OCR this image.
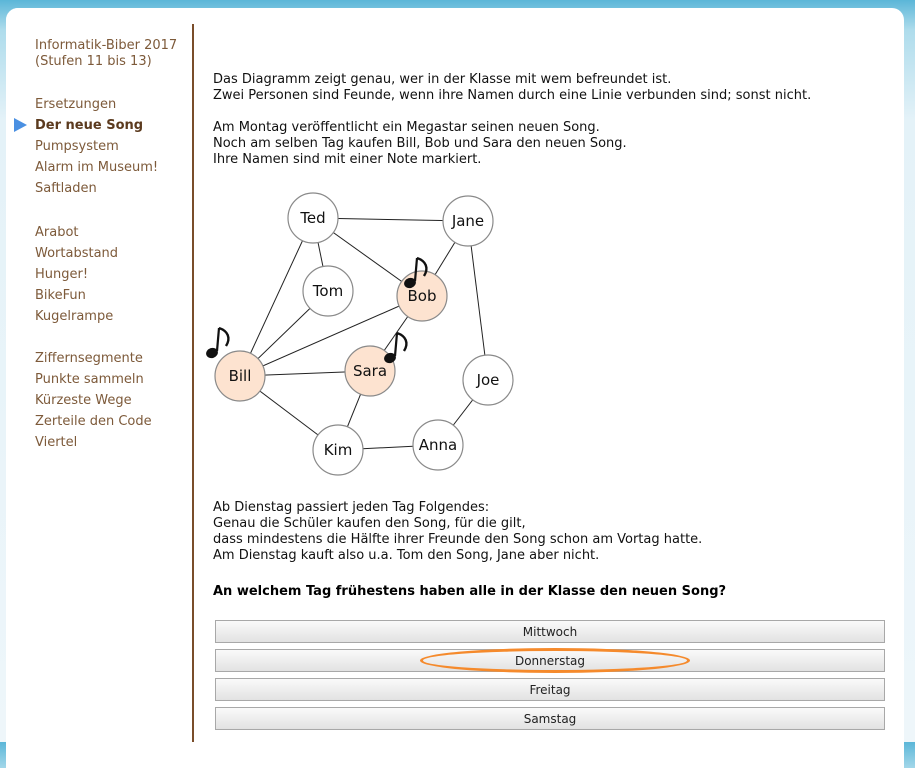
Informatik-Biber 2017
(Stufen 11 bis 13)
Ersetzungen
Der neue Song
Pumpsystem
Alarm im Museum!
Saftladen
Arabot
Wortabstand
Hunger!
BikeFun
Kugelrampe
Ziffernsegmente
Punkte sammeln
Kürzeste Wege
Zerteile den Code
Viertel
Das Diagramm zeigt genau, wer in der Klasse mit wem befreundet ist.
Zwei Personen sind Feunde, wenn ihre Namen durch eine Linie verbunden sind; sonst nicht.
Am Montag veröffentlicht ein Megastar seinen neuen Song.
Noch am selben Tag kaufen Bill, Bob und Sara den neuen Song.
Ihre Namen sind mit einer Note markiert.
Ted	Jane
Tom	Bob
Bill	Sara	Joe
Kim	Anna
Ab Dienstag passiert jeden Tag Folgendes:
Genau die Schüler kaufen den Song, für die gilt,
dass mindestens die Hälfte ihrer Freunde den Song schon am Vortag hatte.
Am Dienstag kauft also u.a. Tom den Song, Jane aber nicht.
An welchem Tag frühestens haben alle in der Klasse den neuen Song?
Mittwoch
Donnerstag
Freitag
Samstag
